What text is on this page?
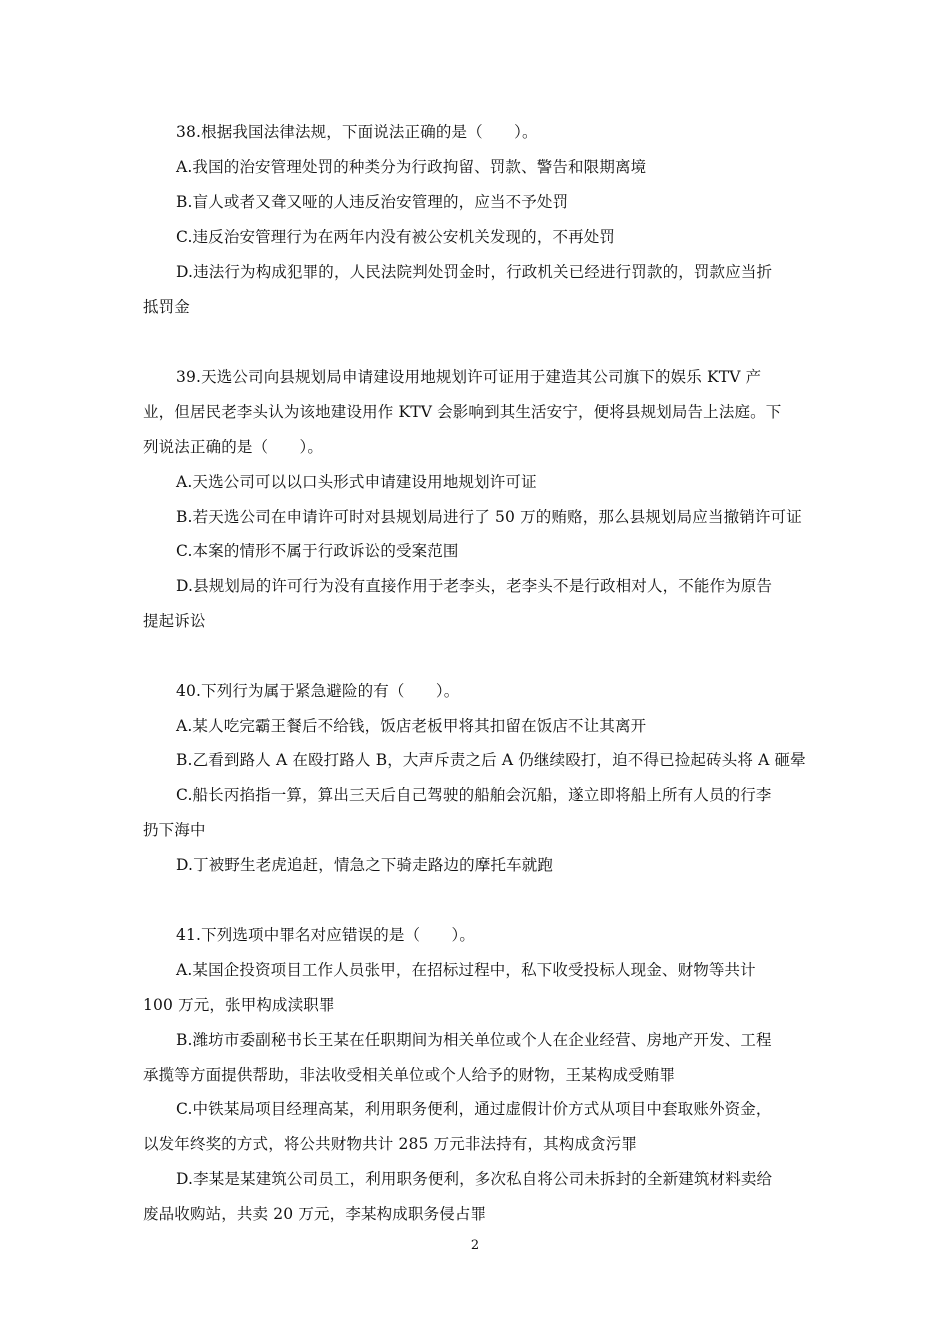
38.根据我国法律法规，下面说法正确的是（　　）。
A.我国的治安管理处罚的种类分为行政拘留、罚款、警告和限期离境
B.盲人或者又聋又哑的人违反治安管理的，应当不予处罚
C.违反治安管理行为在两年内没有被公安机关发现的，不再处罚
D.违法行为构成犯罪的，人民法院判处罚金时，行政机关已经进行罚款的，罚款应当折
抵罚金
39.天选公司向县规划局申请建设用地规划许可证用于建造其公司旗下的娱乐 KTV 产
业，但居民老李头认为该地建设用作 KTV 会影响到其生活安宁，便将县规划局告上法庭。下
列说法正确的是（　　）。
A.天选公司可以以口头形式申请建设用地规划许可证
B.若天选公司在申请许可时对县规划局进行了 50 万的贿赂，那么县规划局应当撤销许可证
C.本案的情形不属于行政诉讼的受案范围
D.县规划局的许可行为没有直接作用于老李头，老李头不是行政相对人，不能作为原告
提起诉讼
40.下列行为属于紧急避险的有（　　）。
A.某人吃完霸王餐后不给钱，饭店老板甲将其扣留在饭店不让其离开
B.乙看到路人 A 在殴打路人 B，大声斥责之后 A 仍继续殴打，迫不得已捡起砖头将 A 砸晕
C.船长丙掐指一算，算出三天后自己驾驶的船舶会沉船，遂立即将船上所有人员的行李
扔下海中
D.丁被野生老虎追赶，情急之下骑走路边的摩托车就跑
41.下列选项中罪名对应错误的是（　　）。
A.某国企投资项目工作人员张甲，在招标过程中，私下收受投标人现金、财物等共计
100 万元，张甲构成渎职罪
B.潍坊市委副秘书长王某在任职期间为相关单位或个人在企业经营、房地产开发、工程
承揽等方面提供帮助，非法收受相关单位或个人给予的财物，王某构成受贿罪
C.中铁某局项目经理高某，利用职务便利，通过虚假计价方式从项目中套取账外资金，
以发年终奖的方式，将公共财物共计 285 万元非法持有，其构成贪污罪
D.李某是某建筑公司员工，利用职务便利，多次私自将公司未拆封的全新建筑材料卖给
废品收购站，共卖 20 万元，李某构成职务侵占罪
2
